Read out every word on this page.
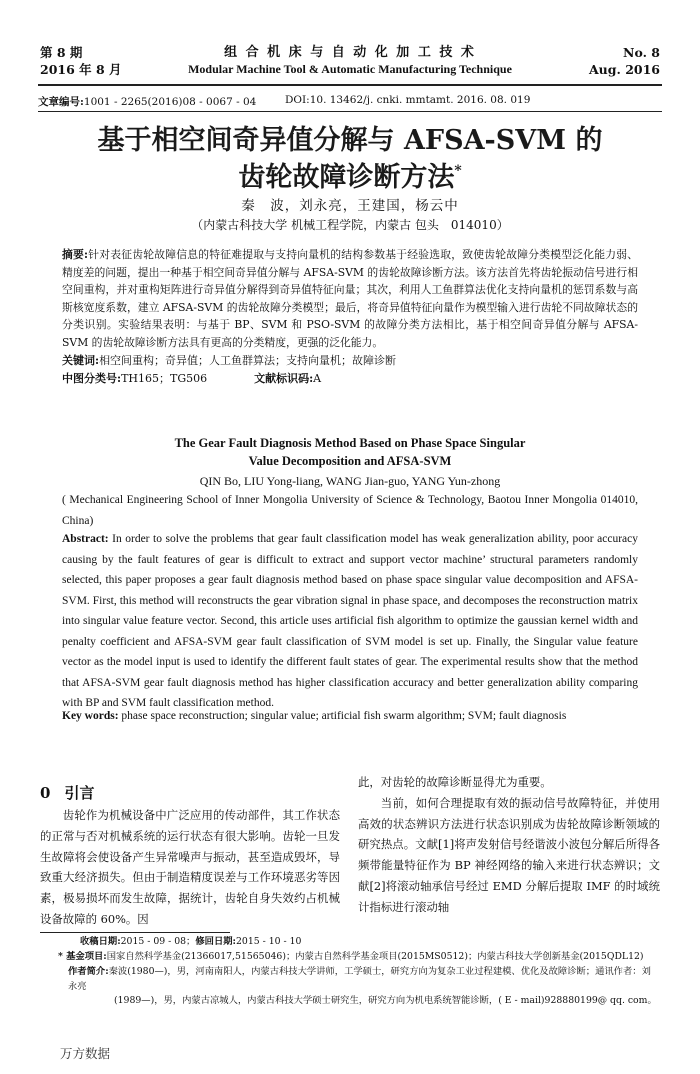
第 8 期
2016 年 8 月
组 合 机 床 与 自 动 化 加 工 技 术
Modular Machine Tool & Automatic Manufacturing Technique
No. 8
Aug. 2016
文章编号:1001 - 2265(2016)08 - 0067 - 04	DOI:10. 13462/j. cnki. mmtamt. 2016. 08. 019
基于相空间奇异值分解与 AFSA-SVM 的
齿轮故障诊断方法*
秦　波，刘永亮，王建国，杨云中
（内蒙古科技大学 机械工程学院，内蒙古 包头　014010）
摘要:针对表征齿轮故障信息的特征难提取与支持向量机的结构参数基于经验选取，致使齿轮故障分类模型泛化能力弱、精度差的问题，提出一种基于相空间奇异值分解与 AFSA-SVM 的齿轮故障诊断方法。该方法首先将齿轮振动信号进行相空间重构，并对重构矩阵进行奇异值分解得到奇异值特征向量；其次，利用人工鱼群算法优化支持向量机的惩罚系数与高斯核宽度系数，建立 AFSA-SVM 的齿轮故障分类模型；最后，将奇异值特征向量作为模型输入进行齿轮不同故障状态的分类识别。实验结果表明：与基于 BP、SVM 和 PSO-SVM 的故障分类方法相比，基于相空间奇异值分解与 AFSA-SVM 的齿轮故障诊断方法具有更高的分类精度，更强的泛化能力。
关键词:相空间重构；奇异值；人工鱼群算法；支持向量机；故障诊断
中图分类号:TH165；TG506	文献标识码:A
The Gear Fault Diagnosis Method Based on Phase Space Singular
Value Decomposition and AFSA-SVM
QIN Bo, LIU Yong-liang, WANG Jian-guo, YANG Yun-zhong
( Mechanical Engineering School of Inner Mongolia University of Science & Technology, Baotou Inner Mongolia 014010, China)
Abstract: In order to solve the problems that gear fault classification model has weak generalization ability, poor accuracy causing by the fault features of gear is difficult to extract and support vector machine’ structural parameters randomly selected, this paper proposes a gear fault diagnosis method based on phase space singular value decomposition and AFSA-SVM. First, this method will reconstructs the gear vibration signal in phase space, and decomposes the reconstruction matrix into singular value feature vector. Second, this article uses artificial fish algorithm to optimize the gaussian kernel width and penalty coefficient and AFSA-SVM gear fault classification of SVM model is set up. Finally, the Singular value feature vector as the model input is used to identify the different fault states of gear. The experimental results show that the method that AFSA-SVM gear fault diagnosis method has higher classification accuracy and better generalization ability comparing with BP and SVM fault classification method.
Key words: phase space reconstruction; singular value; artificial fish swarm algorithm; SVM; fault diagnosis
0 引言
齿轮作为机械设备中广泛应用的传动部件，其工作状态的正常与否对机械系统的运行状态有很大影响。齿轮一旦发生故障将会使设备产生异常噪声与振动，甚至造成毁坏，导致重大经济损失。但由于制造精度误差与工作环境恶劣等因素，极易损坏而发生故障，据统计，齿轮自身失效约占机械设备故障的 60%。因
此，对齿轮的故障诊断显得尤为重要。
当前，如何合理提取有效的振动信号故障特征，并使用高效的状态辨识方法进行状态识别成为齿轮故障诊断领域的研究热点。文献[1]将声发射信号经谐波小波包分解后所得各频带能量特征作为 BP 神经网络的输入来进行状态辨识；文献[2]将滚动轴承信号经过 EMD 分解后提取 IMF 的时域统计指标进行滚动轴
收稿日期:2015 - 09 - 08；修回日期:2015 - 10 - 10
* 基金项目:国家自然科学基金(21366017,51565046)；内蒙古自然科学基金项目(2015MS0512)；内蒙古科技大学创新基金(2015QDL12)
作者简介:秦波(1980—)，男，河南南阳人，内蒙古科技大学讲师，工学硕士，研究方向为复杂工业过程建模、优化及故障诊断；通讯作者：刘永亮
(1989—)，男，内蒙古凉城人，内蒙古科技大学硕士研究生，研究方向为机电系统智能诊断，( E - mail)928880199@ qq. com。
万方数据
